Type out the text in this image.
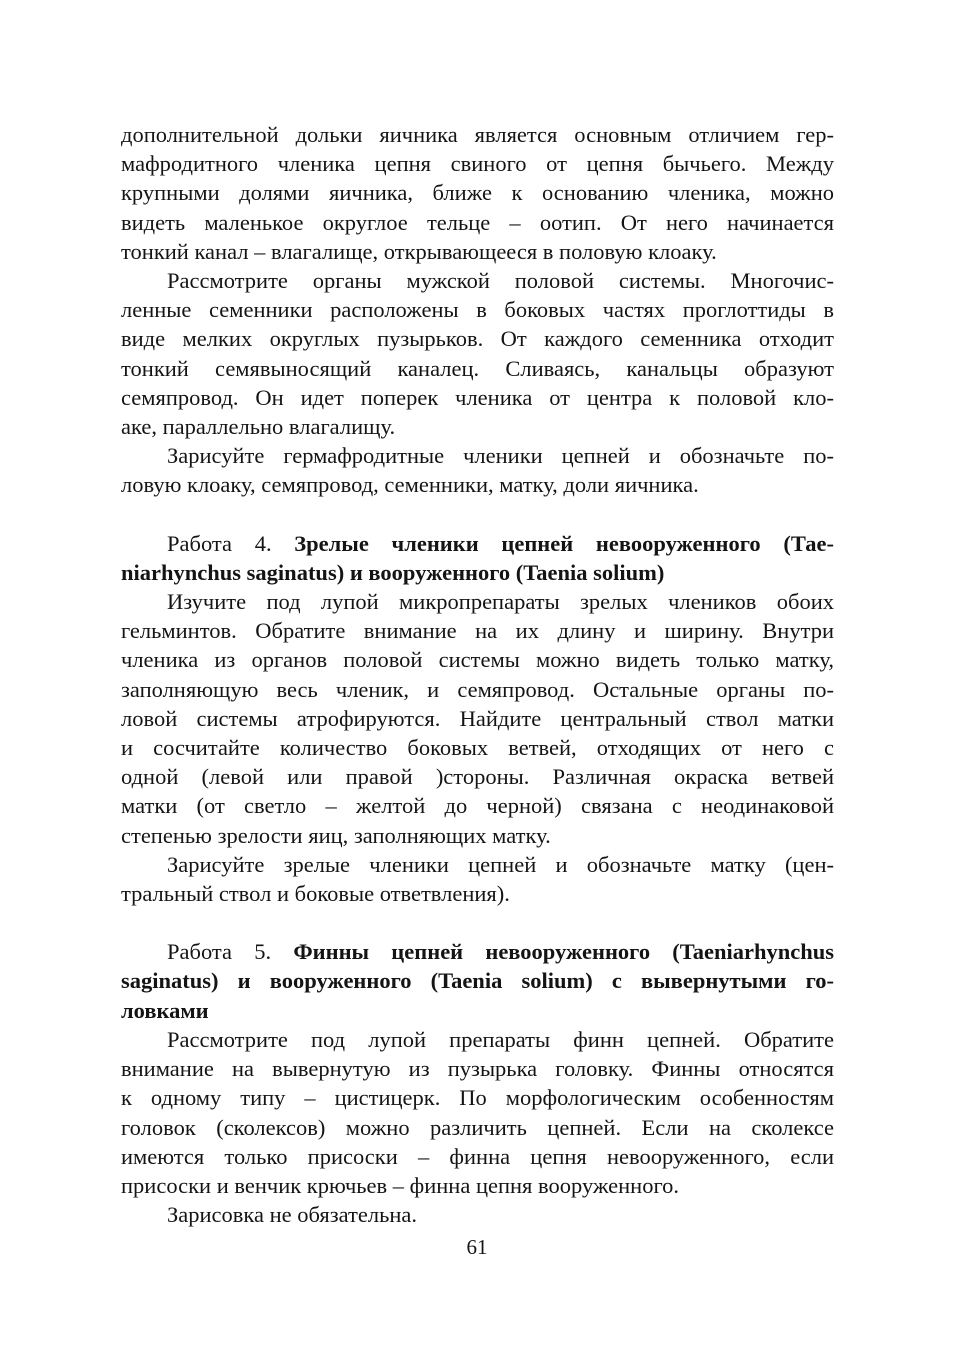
дополнительной дольки яичника является основным отличием гер-
мафродитного членика цепня свиного от цепня бычьего. Между
крупными долями яичника, ближе к основанию членика, можно
видеть маленькое округлое тельце – оотип. От него начинается
тонкий канал – влагалище, открывающееся в половую клоаку.
Рассмотрите органы мужской половой системы. Многочис-
ленные семенники расположены в боковых частях проглоттиды в
виде мелких округлых пузырьков. От каждого семенника отходит
тонкий семявыносящий каналец. Сливаясь, канальцы образуют
семяпровод. Он идет поперек членика от центра к половой кло-
аке, параллельно влагалищу.
Зарисуйте гермафродитные членики цепней и обозначьте по-
ловую клоаку, семяпровод, семенники, матку, доли яичника.
Работа 4. Зрелые членики цепней невооруженного (Тае-
niarhynchus saginatus) и вооруженного (Taenia solium)
Изучите под лупой микропрепараты зрелых члеников обоих
гельминтов. Обратите внимание на их длину и ширину. Внутри
членика из органов половой системы можно видеть только матку,
заполняющую весь членик, и семяпровод. Остальные органы по-
ловой системы атрофируются. Найдите центральный ствол матки
и сосчитайте количество боковых ветвей, отходящих от него с
одной (левой или правой )стороны. Различная окраска ветвей
матки (от светло – желтой до черной) связана с неодинаковой
степенью зрелости яиц, заполняющих матку.
Зарисуйте зрелые членики цепней и обозначьте матку (цен-
тральный ствол и боковые ответвления).
Работа 5. Финны цепней невооруженного (Taeniarhynchus
saginatus) и вооруженного (Taenia solium) с вывернутыми го-
ловками
Рассмотрите под лупой препараты финн цепней. Обратите
внимание на вывернутую из пузырька головку. Финны относятся
к одному типу – цистицерк. По морфологическим особенностям
головок (сколексов) можно различить цепней. Если на сколексе
имеются только присоски – финна цепня невооруженного, если
присоски и венчик крючьев – финна цепня вооруженного.
Зарисовка не обязательна.
61
